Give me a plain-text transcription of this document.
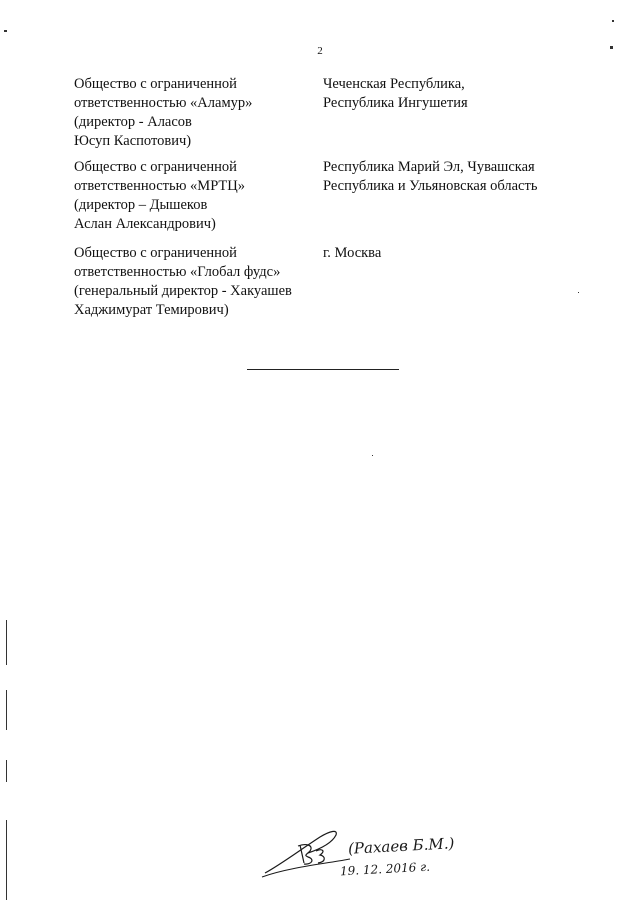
2
Общество с ограниченной
ответственностью «Аламур»
(директор - Аласов
Юсуп Каспотович)
Чеченская Республика,
Республика Ингушетия
Общество с ограниченной
ответственностью «МРТЦ»
(директор – Дышеков
Аслан Александрович)
Республика Марий Эл, Чувашская
Республика и Ульяновская область
Общество с ограниченной
ответственностью «Глобал фудс»
(генеральный директор - Хакуашев
Хаджимурат Темирович)
г. Москва
(Рахаев Б.М.)
19. 12. 2016 г.
